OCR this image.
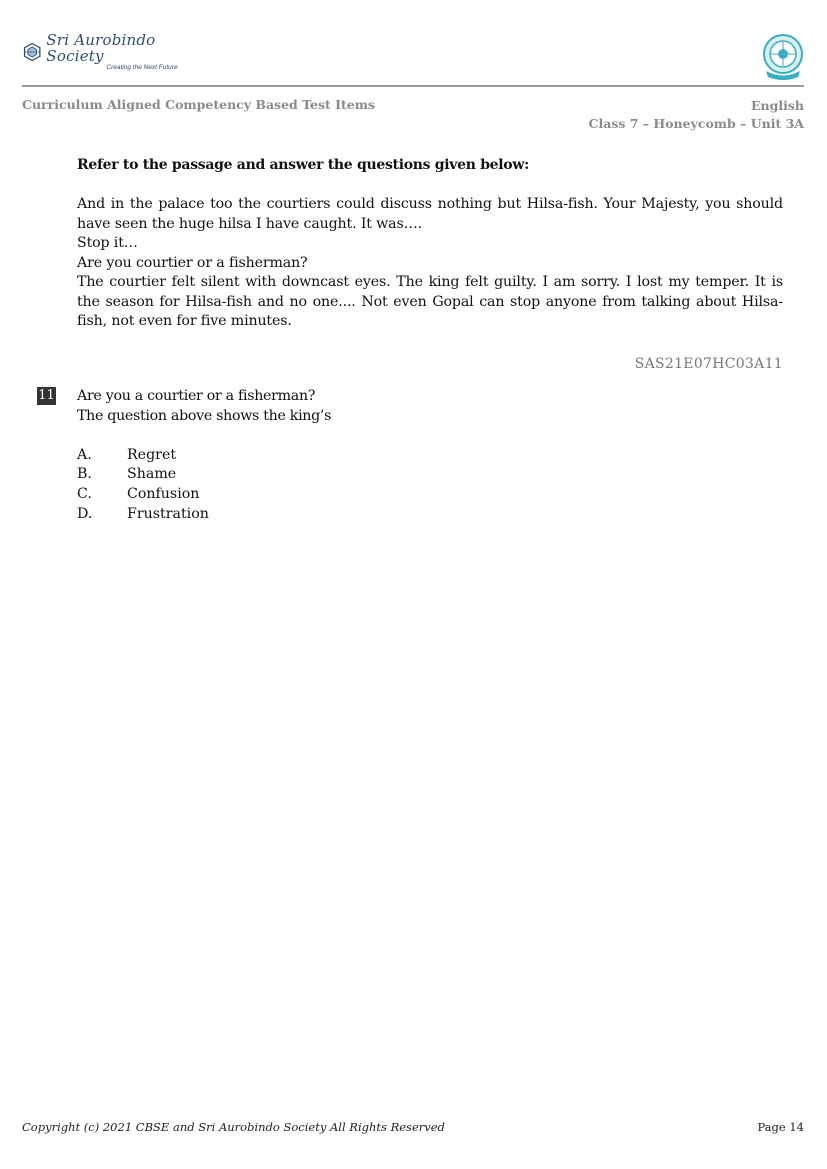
Sri Aurobindo Society
Creating the Next Future
Curriculum Aligned Competency Based Test Items	English
Class 7 – Honeycomb – Unit 3A
Refer to the passage and answer the questions given below:

And in the palace too the courtiers could discuss nothing but Hilsa-fish. Your Majesty, you should have seen the huge hilsa I have caught. It was….

Stop it…

Are you courtier or a fisherman?

The courtier felt silent with downcast eyes. The king felt guilty. I am sorry. I lost my temper. It is the season for Hilsa-fish and no one.... Not even Gopal can stop anyone from talking about Hilsa-fish, not even for five minutes.

SAS21E07HC03A11
11 Are you a courtier or a fisherman?

The question above shows the king’s

A.	Regret
B.	Shame
C.	Confusion
D.	Frustration
Copyright (c) 2021 CBSE and Sri Aurobindo Society All Rights Reserved	Page 14
